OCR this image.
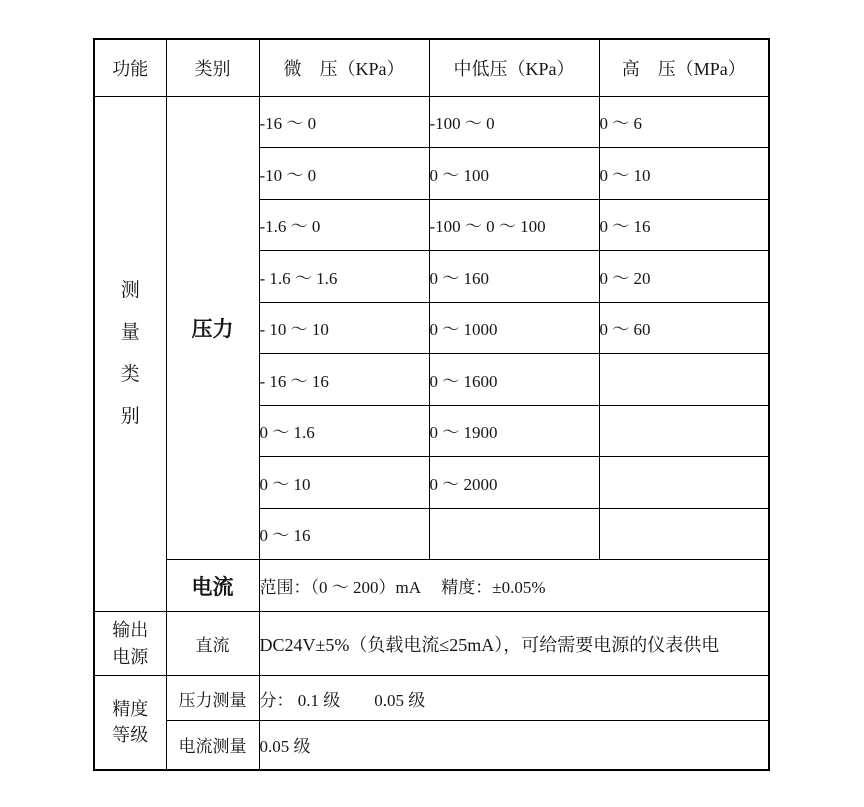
功能	类别	微　压（KPa）	中低压（KPa）	高　压（MPa）

测
量
类
别	压力	-16 ～ 0	-100 ～ 0	0 ～ 6
		-10 ～ 0	0 ～ 100	0 ～ 10
		-1.6 ～ 0	-100 ～ 0 ～ 100	0 ～ 16
		- 1.6 ～ 1.6	0 ～ 160	0 ～ 20
		- 10 ～ 10	0 ～ 1000	0 ～ 60
		- 16 ～ 16	0 ～ 1600	
		0 ～ 1.6	0 ～ 1900	
		0 ～ 10	0 ～ 2000	
		0 ～ 16		
	电流	范围：（0 ～ 200）mA　 精度：±0.05%		

输出
电源	直流	DC24V±5%（负载电流≤25mA），可给需要电源的仪表供电		

精度
等级	压力测量	分： 0.1 级　　0.05 级		
	电流测量	0.05 级		
